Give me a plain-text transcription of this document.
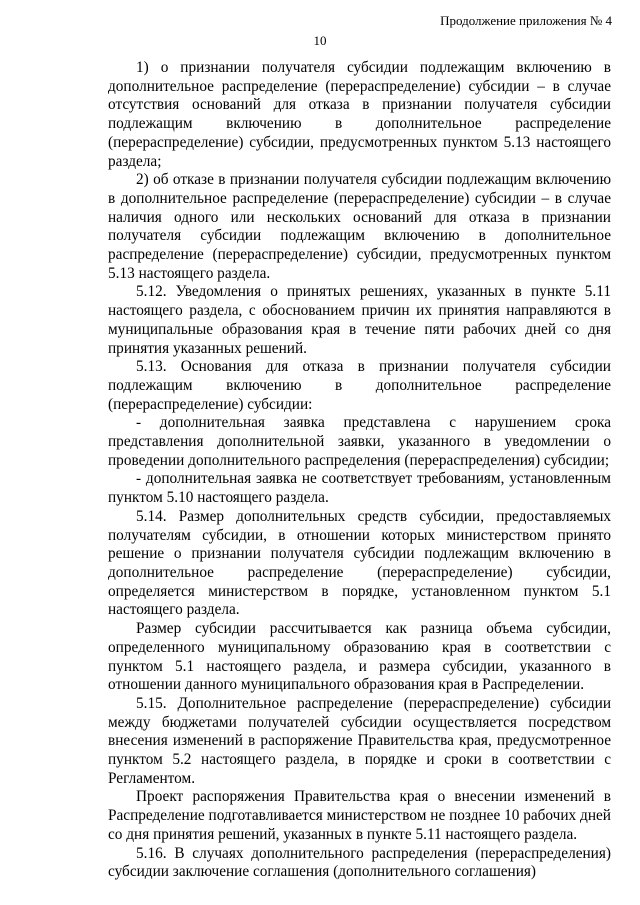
Продолжение приложения № 4
10

1) о признании получателя субсидии подлежащим включению в дополнительное распределение (перераспределение) субсидии – в случае отсутствия оснований для отказа в признании получателя субсидии подлежащим включению в дополнительное распределение (перераспределение) субсидии, предусмотренных пунктом 5.13 настоящего раздела;

2) об отказе в признании получателя субсидии подлежащим включению в дополнительное распределение (перераспределение) субсидии – в случае наличия одного или нескольких оснований для отказа в признании получателя субсидии подлежащим включению в дополнительное распределение (перераспределение) субсидии, предусмотренных пунктом 5.13 настоящего раздела.

5.12. Уведомления о принятых решениях, указанных в пункте 5.11 настоящего раздела, с обоснованием причин их принятия направляются в муниципальные образования края в течение пяти рабочих дней со дня принятия указанных решений.

5.13. Основания для отказа в признании получателя субсидии подлежащим включению в дополнительное распределение (перераспределение) субсидии:

- дополнительная заявка представлена с нарушением срока представления дополнительной заявки, указанного в уведомлении о проведении дополнительного распределения (перераспределения) субсидии;

- дополнительная заявка не соответствует требованиям, установленным пунктом 5.10 настоящего раздела.

5.14. Размер дополнительных средств субсидии, предоставляемых получателям субсидии, в отношении которых министерством принято решение о признании получателя субсидии подлежащим включению в дополнительное распределение (перераспределение) субсидии, определяется министерством в порядке, установленном пунктом 5.1 настоящего раздела.

Размер субсидии рассчитывается как разница объема субсидии, определенного муниципальному образованию края в соответствии с пунктом 5.1 настоящего раздела, и размера субсидии, указанного в отношении данного муниципального образования края в Распределении.

5.15. Дополнительное распределение (перераспределение) субсидии между бюджетами получателей субсидии осуществляется посредством внесения изменений в распоряжение Правительства края, предусмотренное пунктом 5.2 настоящего раздела, в порядке и сроки в соответствии с Регламентом.

Проект распоряжения Правительства края о внесении изменений в Распределение подготавливается министерством не позднее 10 рабочих дней со дня принятия решений, указанных в пункте 5.11 настоящего раздела.

5.16. В случаях дополнительного распределения (перераспределения) субсидии заключение соглашения (дополнительного соглашения)
